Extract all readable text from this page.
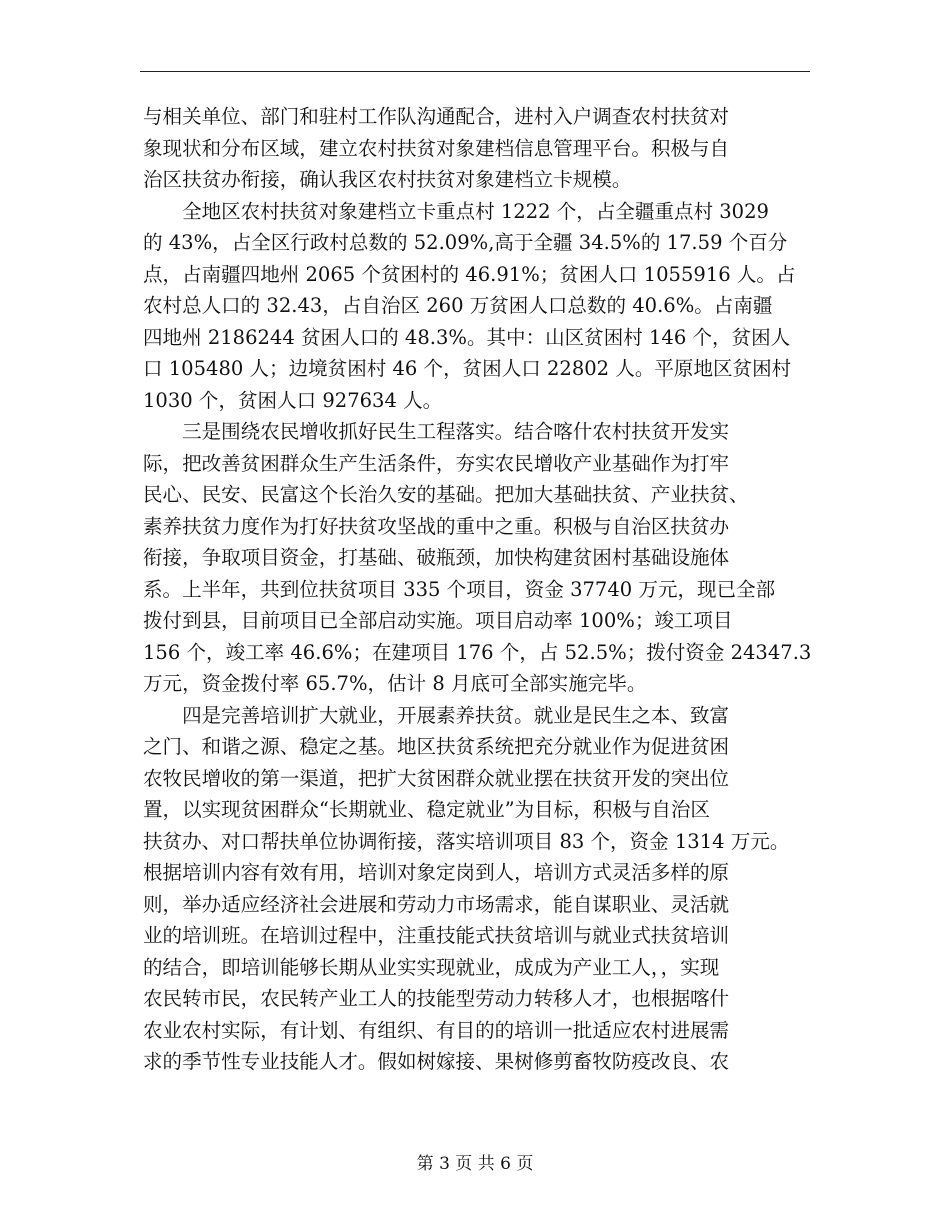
与相关单位、部门和驻村工作队沟通配合，进村入户调查农村扶贫对 象现状和分布区域，建立农村扶贫对象建档信息管理平台。积极与自 治区扶贫办衔接，确认我区农村扶贫对象建档立卡规模。 　　全地区农村扶贫对象建档立卡重点村 1222 个，占全疆重点村 3029 的 43%，占全区行政村总数的 52.09%,高于全疆 34.5%的 17.59 个百分 点，占南疆四地州 2065 个贫困村的 46.91%；贫困人口 1055916 人。占 农村总人口的 32.43，占自治区 260 万贫困人口总数的 40.6%。占南疆 四地州 2186244 贫困人口的 48.3%。其中：山区贫困村 146 个，贫困人 口 105480 人；边境贫困村 46 个，贫困人口 22802 人。平原地区贫困村 1030 个，贫困人口 927634 人。 　　三是围绕农民增收抓好民生工程落实。结合喀什农村扶贫开发实 际，把改善贫困群众生产生活条件，夯实农民增收产业基础作为打牢 民心、民安、民富这个长治久安的基础。把加大基础扶贫、产业扶贫、 素养扶贫力度作为打好扶贫攻坚战的重中之重。积极与自治区扶贫办 衔接，争取项目资金，打基础、破瓶颈，加快构建贫困村基础设施体 系。上半年，共到位扶贫项目 335 个项目，资金 37740 万元，现已全部 拨付到县，目前项目已全部启动实施。项目启动率 100%；竣工项目 156 个，竣工率 46.6%；在建项目 176 个，占 52.5%；拨付资金 24347.3 万元，资金拨付率 65.7%，估计 8 月底可全部实施完毕。 　　四是完善培训扩大就业，开展素养扶贫。就业是民生之本、致富 之门、和谐之源、稳定之基。地区扶贫系统把充分就业作为促进贫困 农牧民增收的第一渠道，把扩大贫困群众就业摆在扶贫开发的突出位 置，以实现贫困群众“长期就业、稳定就业”为目标，积极与自治区 扶贫办、对口帮扶单位协调衔接，落实培训项目 83 个，资金 1314 万元。 根据培训内容有效有用，培训对象定岗到人，培训方式灵活多样的原 则，举办适应经济社会进展和劳动力市场需求，能自谋职业、灵活就 业的培训班。在培训过程中，注重技能式扶贫培训与就业式扶贫培训 的结合，即培训能够长期从业实实现就业，成成为产业工人，，实现 农民转市民，农民转产业工人的技能型劳动力转移人才，也根据喀什 农业农村实际，有计划、有组织、有目的的培训一批适应农村进展需 求的季节性专业技能人才。假如树嫁接、果树修剪畜牧防疫改良、农
第 3 页 共 6 页
